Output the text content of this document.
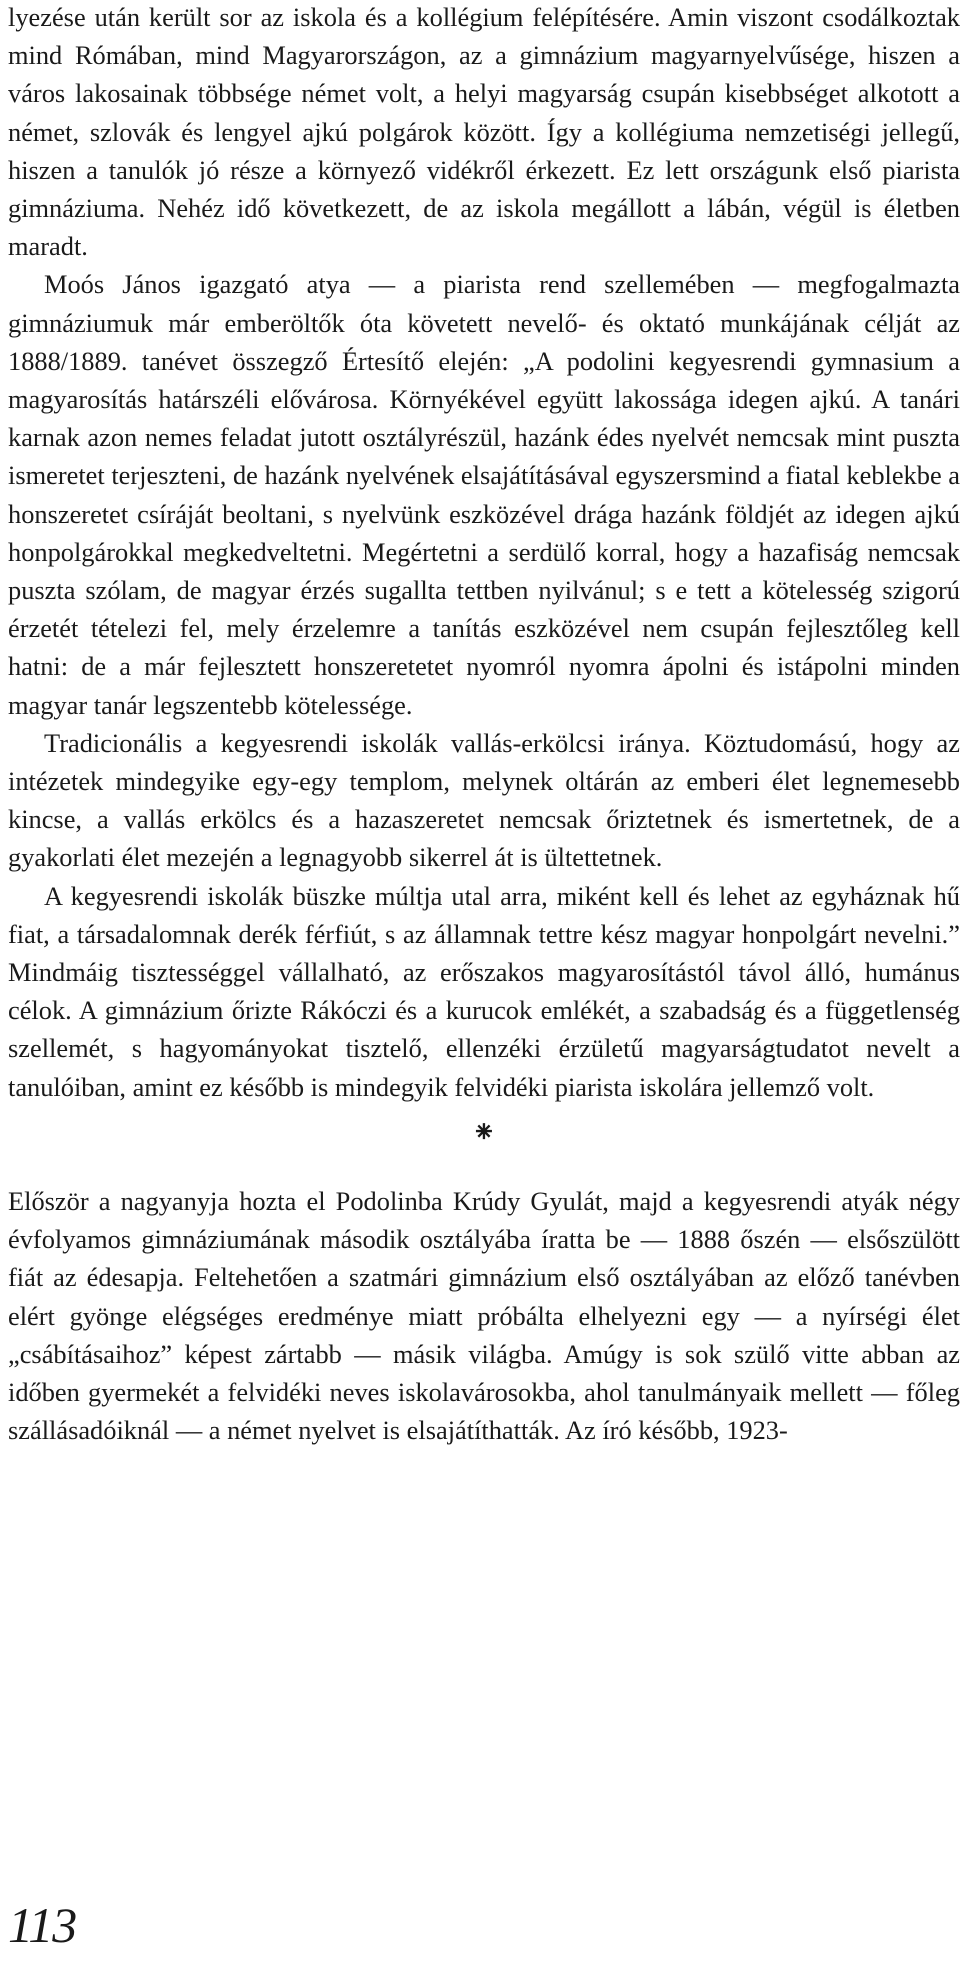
lyezése után került sor az iskola és a kollégium felépítésére. Amin viszont csodálkoztak mind Rómában, mind Magyarországon, az a gimnázium magyarnyelvűsége, hiszen a város lakosainak többsége német volt, a helyi magyarság csupán kisebbséget alkotott a német, szlovák és lengyel ajkú polgárok között. Így a kollégiuma nemzetiségi jellegű, hiszen a tanulók jó része a környező vidékről érkezett. Ez lett országunk első piarista gimnáziuma. Nehéz idő következett, de az iskola megállott a lábán, végül is életben maradt.

Moós János igazgató atya — a piarista rend szellemében — megfogalmazta gimnáziumuk már emberöltők óta követett nevelő- és oktató munkájának célját az 1888/1889. tanévet összegző Értesítő elején: „A podolini kegyesrendi gymnasium a magyarosítás határszéli elővárosa. Környékével együtt lakossága idegen ajkú. A tanári karnak azon nemes feladat jutott osztályrészül, hazánk édes nyelvét nemcsak mint puszta ismeretet terjeszteni, de hazánk nyelvének elsajátításával egyszersmind a fiatal keblekbe a honszeretet csíráját beoltani, s nyelvünk eszközével drága hazánk földjét az idegen ajkú honpolgárokkal megkedveltetni. Megértetni a serdülő korral, hogy a hazafiság nemcsak puszta szólam, de magyar érzés sugallta tettben nyilvánul; s e tett a kötelesség szigorú érzetét tételezi fel, mely érzelemre a tanítás eszközével nem csupán fejlesztőleg kell hatni: de a már fejlesztett honszeretetet nyomról nyomra ápolni és istápolni minden magyar tanár legszentebb kötelessége.

Tradicionális a kegyesrendi iskolák vallás-erkölcsi iránya. Köztudomású, hogy az intézetek mindegyike egy-egy templom, melynek oltárán az emberi élet legnemesebb kincse, a vallás erkölcs és a hazaszeretet nemcsak őriztetnek és ismertetnek, de a gyakorlati élet mezején a legnagyobb sikerrel át is ültettetnek.

A kegyesrendi iskolák büszke múltja utal arra, miként kell és lehet az egyháznak hű fiat, a társadalomnak derék férfiút, s az államnak tettre kész magyar honpolgárt nevelni.” Mindmáig tisztességgel vállalható, az erőszakos magyarosítástól távol álló, humánus célok. A gimnázium őrizte Rákóczi és a kurucok emlékét, a szabadság és a függetlenség szellemét, s hagyományokat tisztelő, ellenzéki érzületű magyarságtudatot nevelt a tanulóiban, amint ez később is mindegyik felvidéki piarista iskolára jellemző volt.

⁕

Először a nagyanyja hozta el Podolinba Krúdy Gyulát, majd a kegyesrendi atyák négy évfolyamos gimnáziumának második osztályába íratta be — 1888 őszén — elsőszülött fiát az édesapja. Feltehetően a szatmári gimnázium első osztályában az előző tanévben elért gyönge elégséges eredménye miatt próbálta elhelyezni egy — a nyírségi élet „csábításaihoz” képest zártabb — másik világba. Amúgy is sok szülő vitte abban az időben gyermekét a felvidéki neves iskolavárosokba, ahol tanulmányaik mellett — főleg szállásadóiknál — a német nyelvet is elsajátíthatták. Az író később, 1923-

113
